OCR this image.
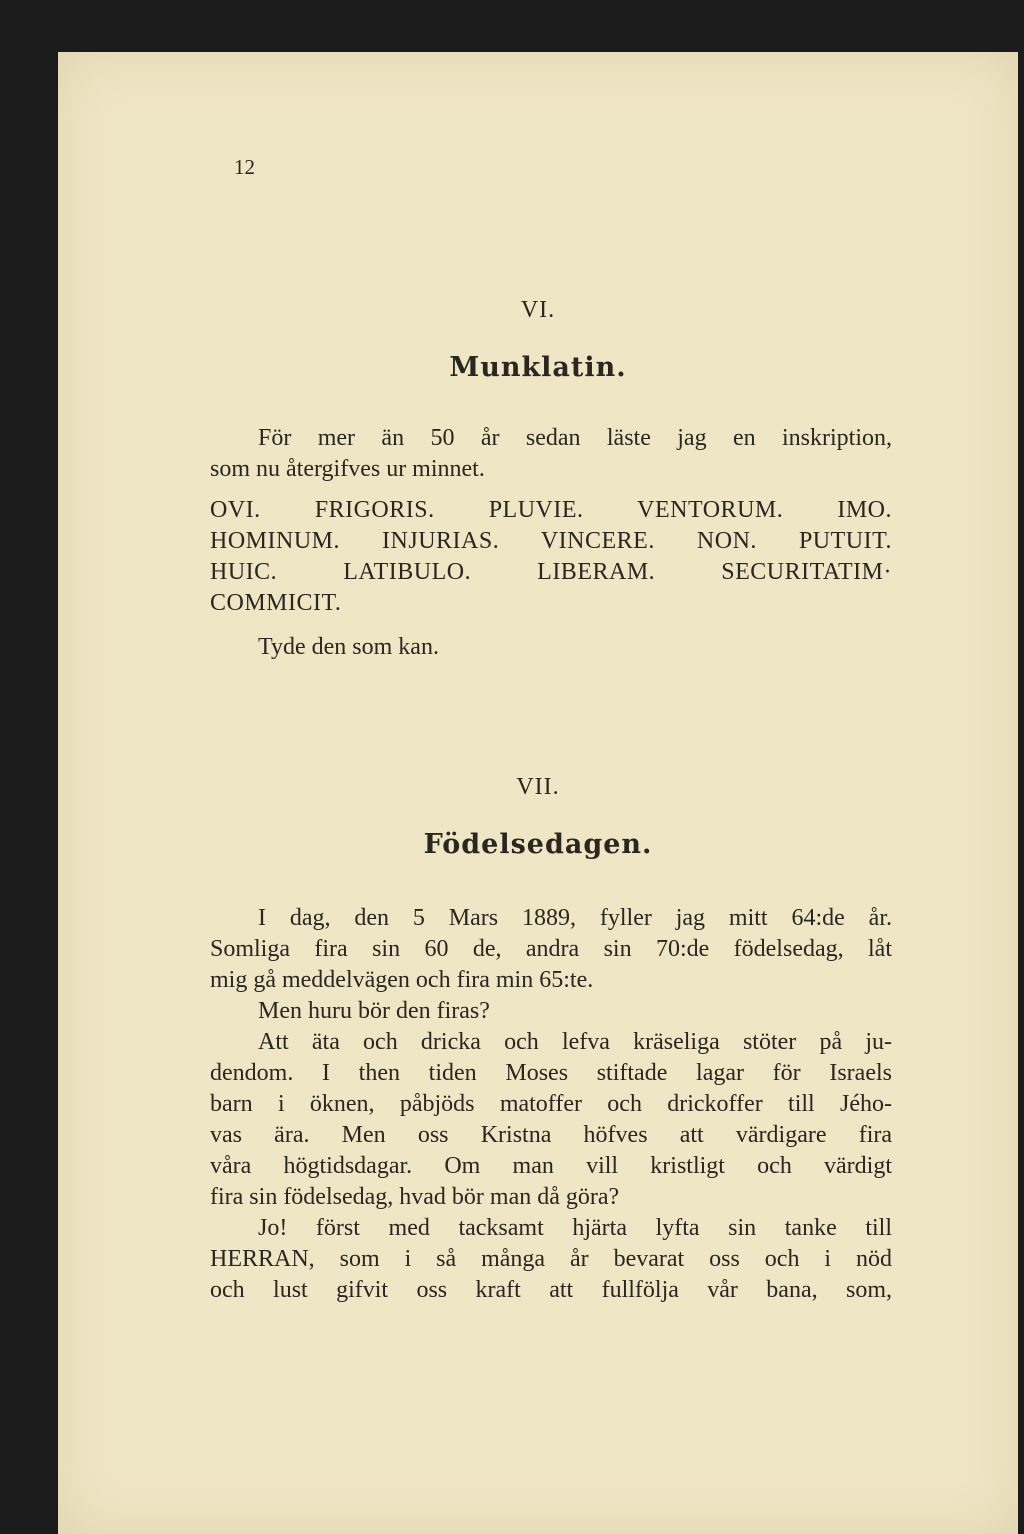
12
VI.
Munklatin.
För mer än 50 år sedan läste jag en inskription,
som nu återgifves ur minnet.
OVI. FRIGORIS. PLUVIE. VENTORUM. IMO.
HOMINUM. INJURIAS. VINCERE. NON. PUTUIT.
HUIC. LATIBULO. LIBERAM. SECURITATIM·
COMMICIT.
Tyde den som kan.
VII.
Födelsedagen.
I dag, den 5 Mars 1889, fyller jag mitt 64:de år.
Somliga fira sin 60 de, andra sin 70:de födelsedag, låt
mig gå meddelvägen och fira min 65:te.
Men huru bör den firas?
Att äta och dricka och lefva kräseliga stöter på ju-
dendom. I then tiden Moses stiftade lagar för Israels
barn i öknen, påbjöds matoffer och drickoffer till Jého-
vas ära. Men oss Kristna höfves att värdigare fira
våra högtidsdagar. Om man vill kristligt och värdigt
fira sin födelsedag, hvad bör man då göra?
Jo! först med tacksamt hjärta lyfta sin tanke till
HERRAN, som i så många år bevarat oss och i nöd
och lust gifvit oss kraft att fullfölja vår bana, som,
